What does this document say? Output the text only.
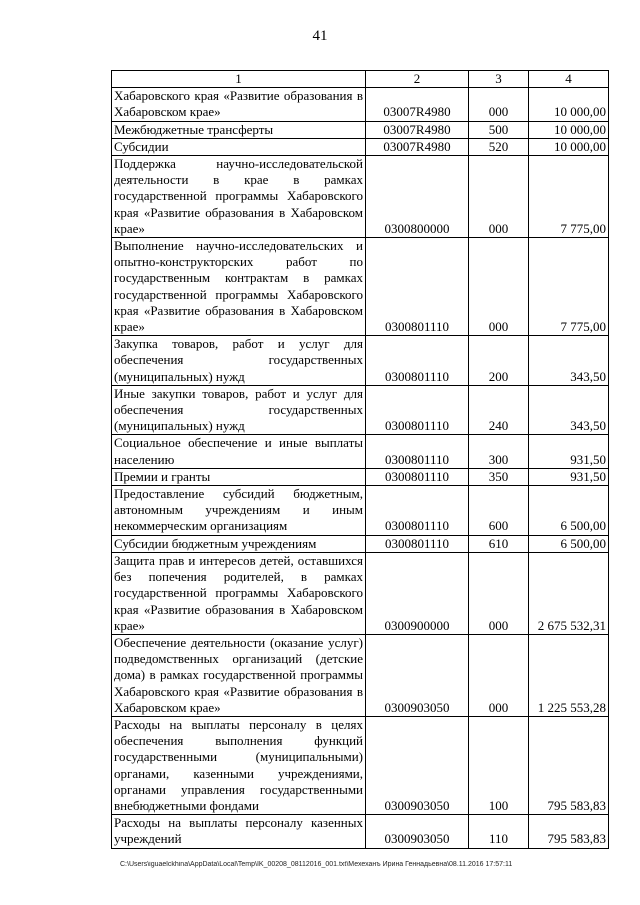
41
1	2	3	4
Хабаровского края «Развитие образования в Хабаровском крае»	03007R4980	000	10 000,00
Межбюджетные трансферты	03007R4980	500	10 000,00
Субсидии	03007R4980	520	10 000,00
Поддержка научно-исследовательской деятельности в крае в рамках государственной программы Хабаровского края «Развитие образования в Хабаровском крае»	0300800000	000	7 775,00
Выполнение научно-исследовательских и опытно-конструкторских работ по государственным контрактам в рамках государственной программы Хабаровского края «Развитие образования в Хабаровском крае»	0300801110	000	7 775,00
Закупка товаров, работ и услуг для обеспечения государственных (муниципальных) нужд	0300801110	200	343,50
Иные закупки товаров, работ и услуг для обеспечения государственных (муниципальных) нужд	0300801110	240	343,50
Социальное обеспечение и иные выплаты населению	0300801110	300	931,50
Премии и гранты	0300801110	350	931,50
Предоставление субсидий бюджетным, автономным учреждениям и иным некоммерческим организациям	0300801110	600	6 500,00
Субсидии бюджетным учреждениям	0300801110	610	6 500,00
Защита прав и интересов детей, оставшихся без попечения родителей, в рамках государственной программы Хабаровского края «Развитие образования в Хабаровском крае»	0300900000	000	2 675 532,31
Обеспечение деятельности (оказание услуг) подведомственных организаций (детские дома) в рамках государственной программы Хабаровского края «Развитие образования в Хабаровском крае»	0300903050	000	1 225 553,28
Расходы на выплаты персоналу в целях обеспечения выполнения функций государственными (муниципальными) органами, казенными учреждениями, органами управления государственными внебюджетными фондами	0300903050	100	795 583,83
Расходы на выплаты персоналу казенных учреждений	0300903050	110	795 583,83
C:\Users\iguaelckhina\AppData\Local\Temp\IK_00208_08112016_001.txt\Мехеханъ Ирина Геннадьевна\08.11.2016 17:57:11
